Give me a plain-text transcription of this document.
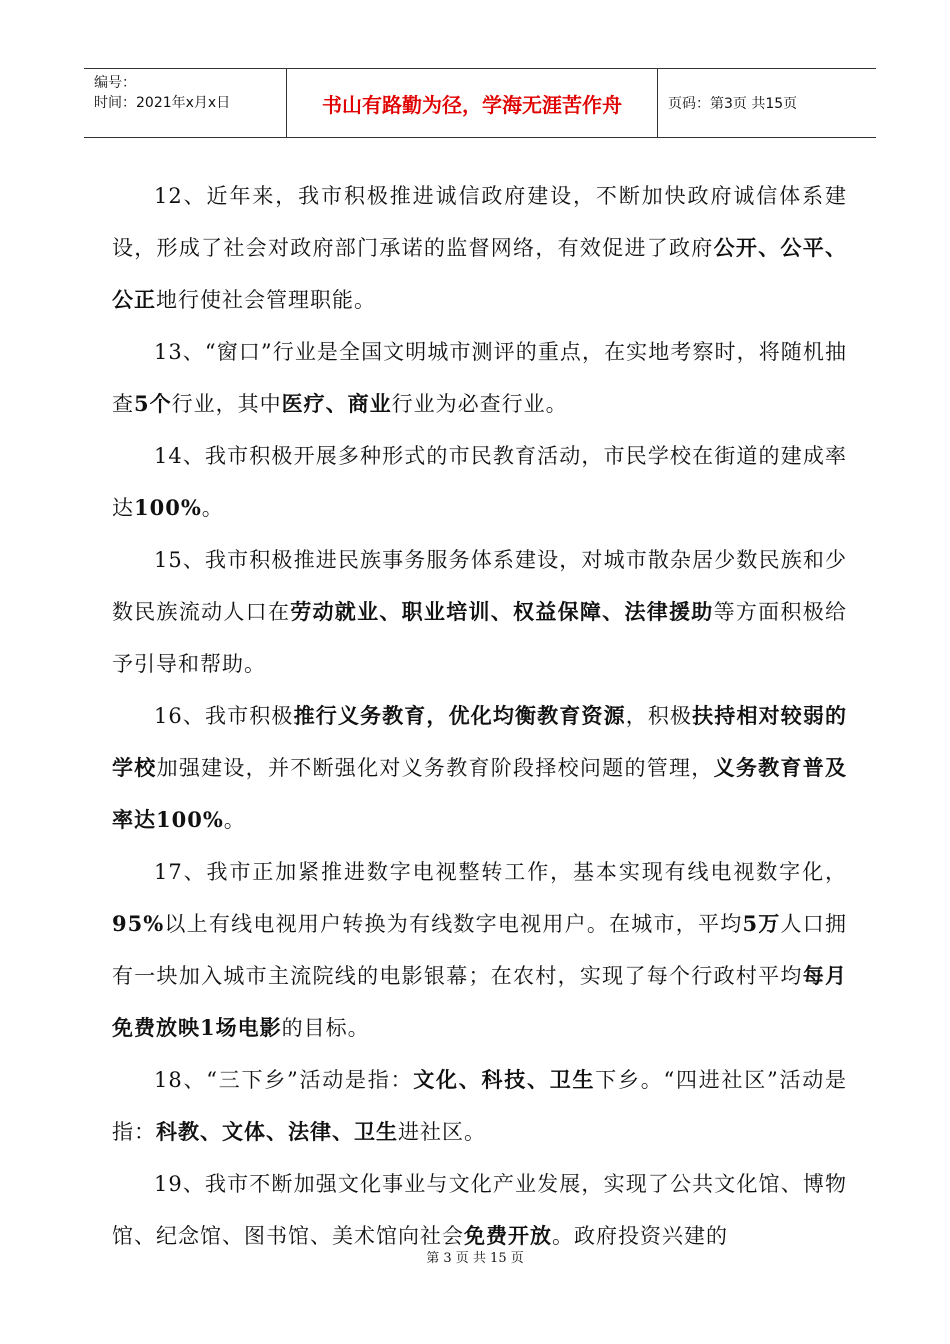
编号：
时间：2021年x月x日	书山有路勤为径，学海无涯苦作舟	页码：第3页 共15页
12、近年来，我市积极推进诚信政府建设，不断加快政府诚信体系建设，形成了社会对政府部门承诺的监督网络，有效促进了政府公开、公平、公正地行使社会管理职能。
13、“窗口”行业是全国文明城市测评的重点，在实地考察时，将随机抽查5个行业，其中医疗、商业行业为必查行业。
14、我市积极开展多种形式的市民教育活动，市民学校在街道的建成率达100%。
15、我市积极推进民族事务服务体系建设，对城市散杂居少数民族和少数民族流动人口在劳动就业、职业培训、权益保障、法律援助等方面积极给予引导和帮助。
16、我市积极推行义务教育，优化均衡教育资源，积极扶持相对较弱的学校加强建设，并不断强化对义务教育阶段择校问题的管理，义务教育普及率达100%。
17、我市正加紧推进数字电视整转工作，基本实现有线电视数字化，95%以上有线电视用户转换为有线数字电视用户。在城市，平均5万人口拥有一块加入城市主流院线的电影银幕；在农村，实现了每个行政村平均每月免费放映1场电影的目标。
18、“三下乡”活动是指：文化、科技、卫生下乡。“四进社区”活动是指：科教、文体、法律、卫生进社区。
19、我市不断加强文化事业与文化产业发展，实现了公共文化馆、博物馆、纪念馆、图书馆、美术馆向社会免费开放。政府投资兴建的
第 3 页 共 15 页
